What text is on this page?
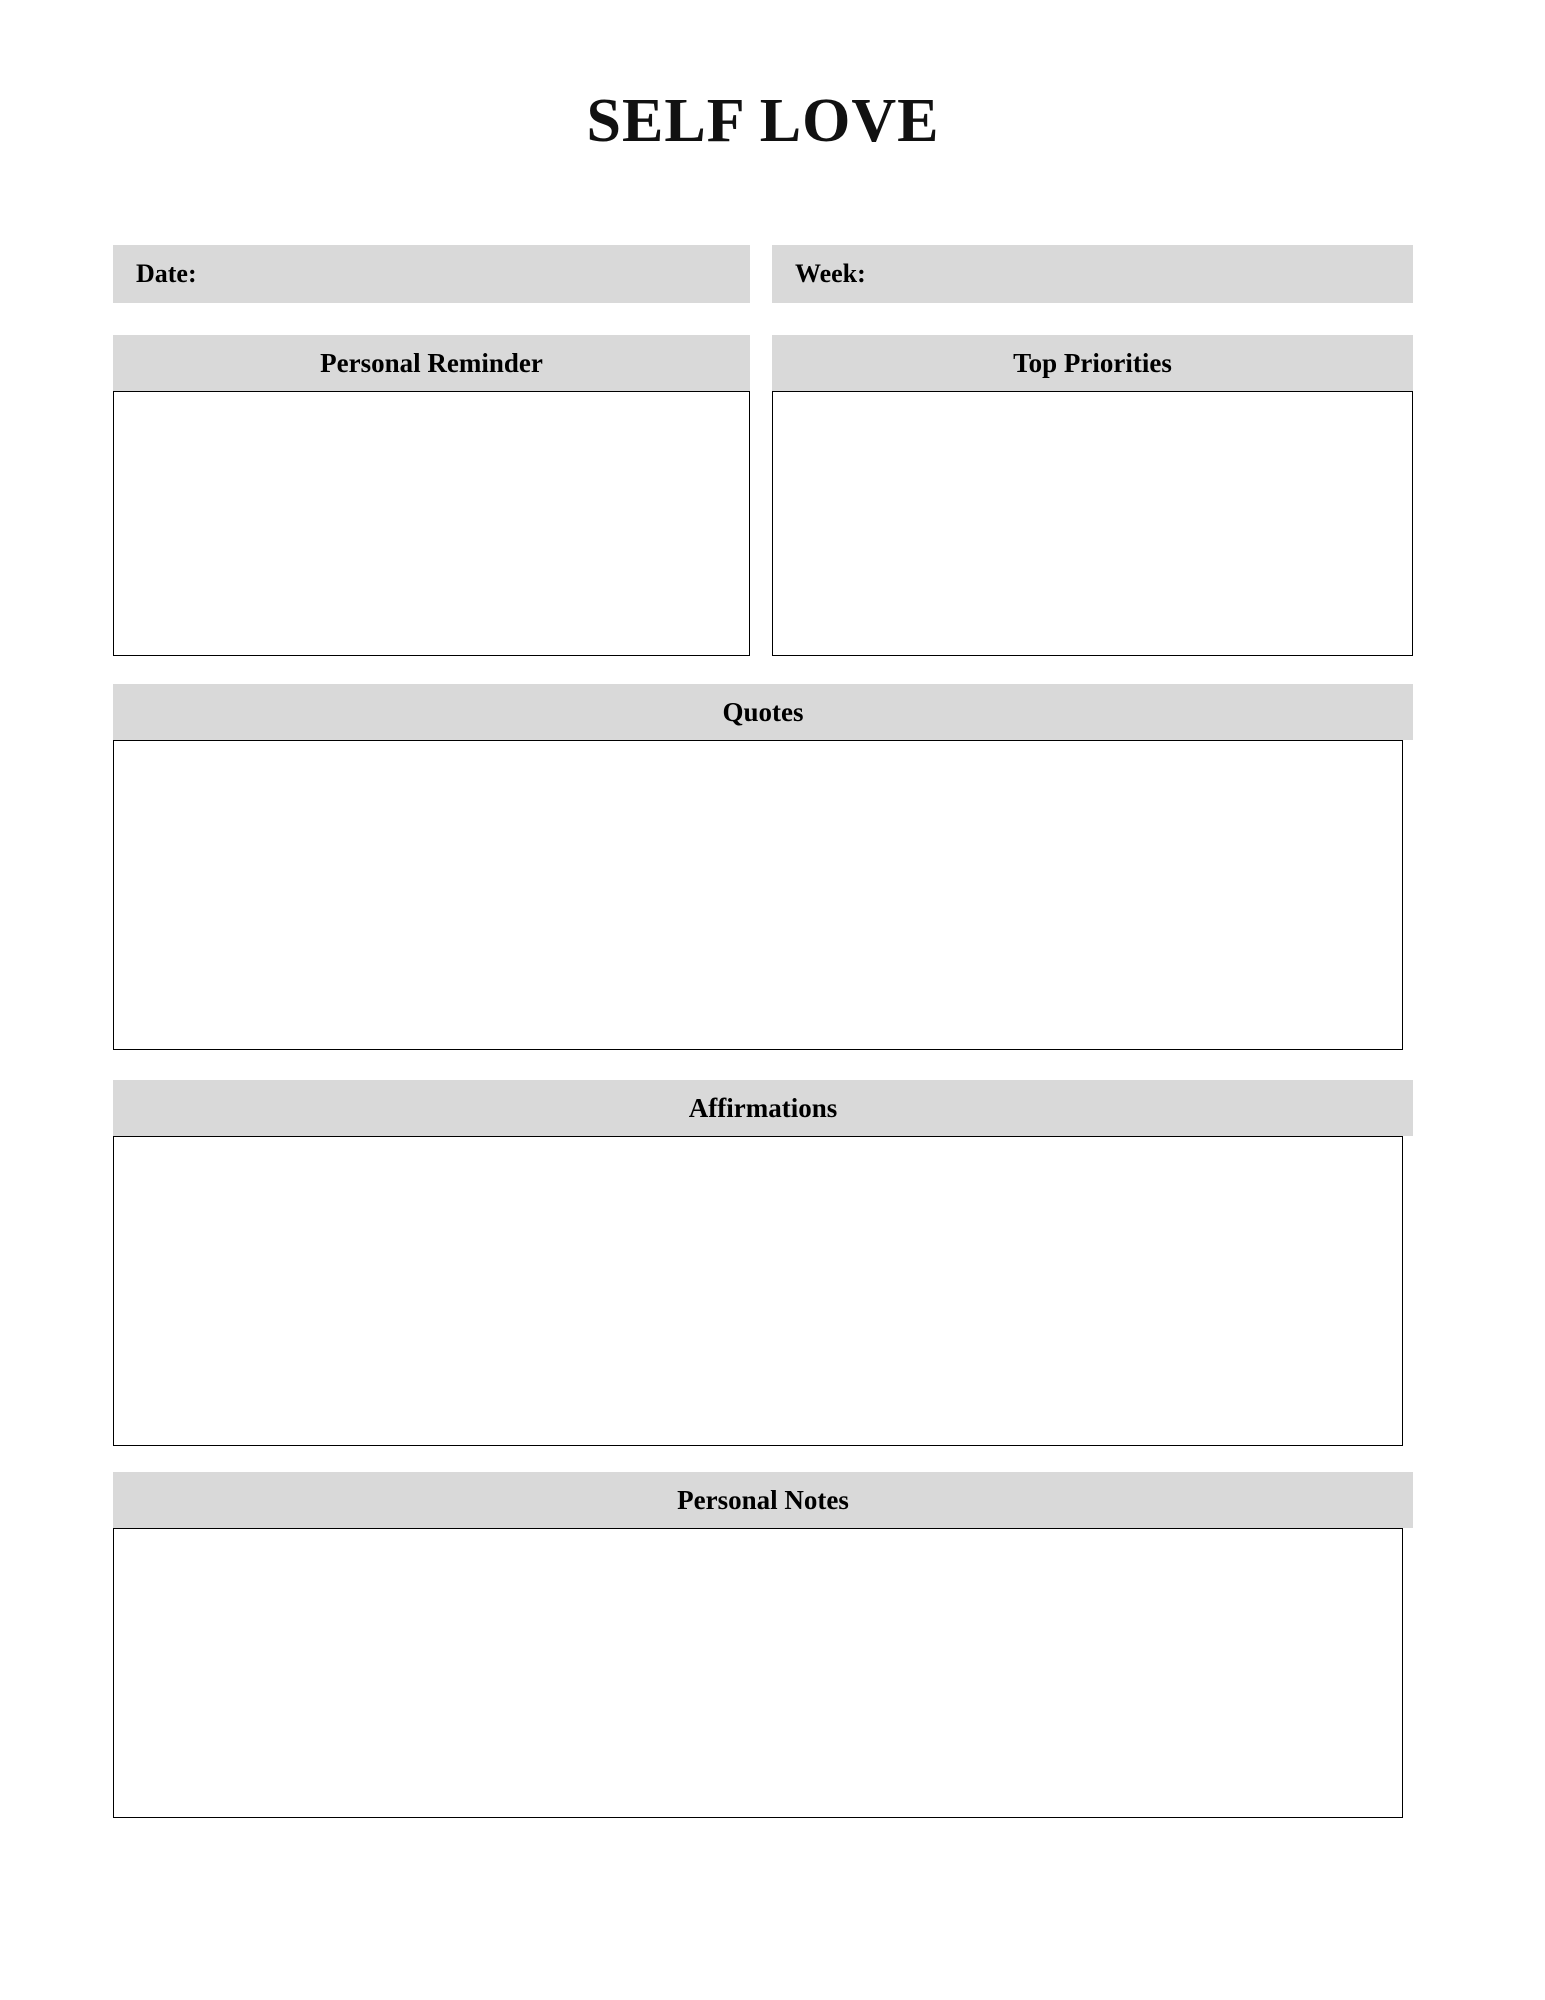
SELF LOVE
Date:	Week:
Personal Reminder	Top Priorities
Quotes
Affirmations
Personal Notes
